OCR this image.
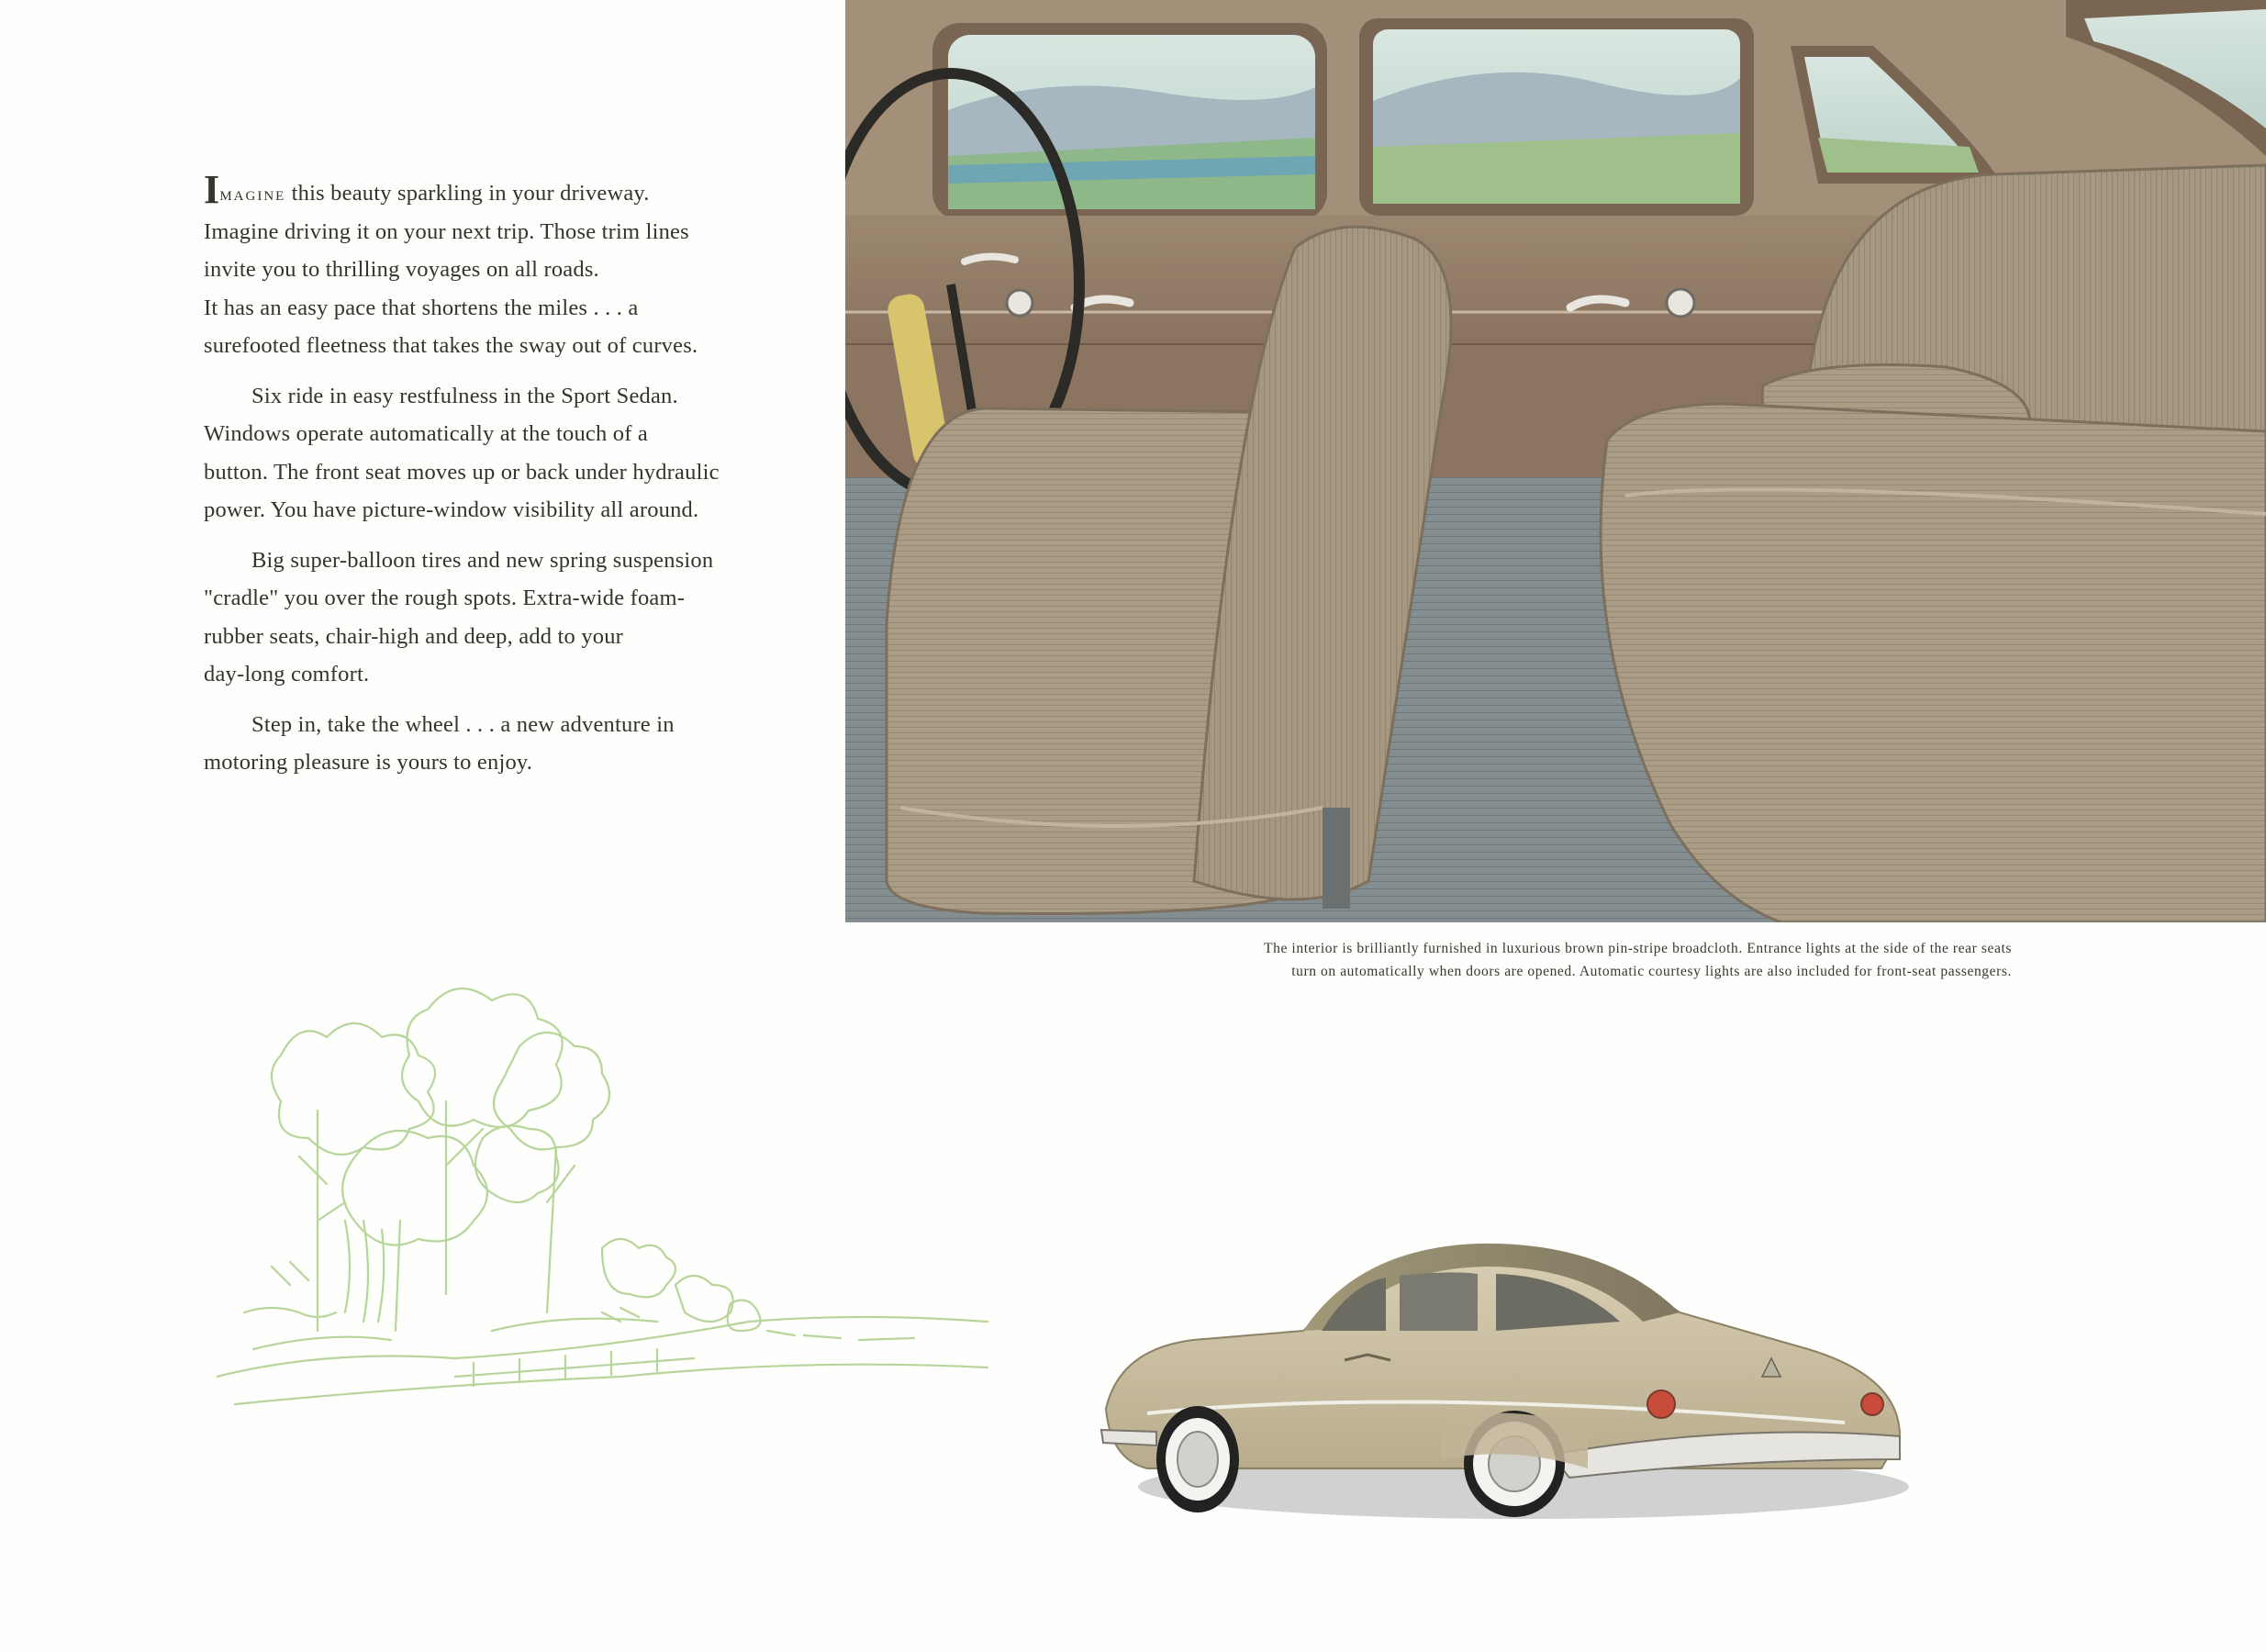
Imagine this beauty sparkling in your driveway.
Imagine driving it on your next trip. Those trim lines
invite you to thrilling voyages on all roads.
It has an easy pace that shortens the miles . . . a
surefooted fleetness that takes the sway out of curves.

Six ride in easy restfulness in the Sport Sedan.
Windows operate automatically at the touch of a
button. The front seat moves up or back under hydraulic
power. You have picture-window visibility all around.

Big super-balloon tires and new spring suspension
"cradle" you over the rough spots. Extra-wide foam-
rubber seats, chair-high and deep, add to your
day-long comfort.

Step in, take the wheel . . . a new adventure in
motoring pleasure is yours to enjoy.

The interior is brilliantly furnished in luxurious brown pin-stripe broadcloth. Entrance lights at the side of the rear seats
turn on automatically when doors are opened. Automatic courtesy lights are also included for front-seat passengers.
